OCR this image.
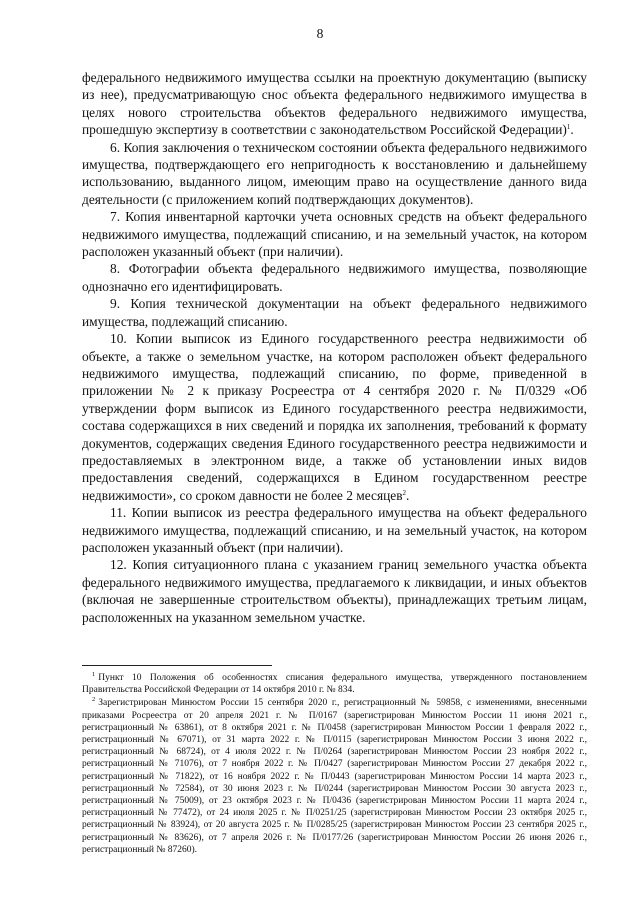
8

федерального недвижимого имущества ссылки на проектную документацию (выписку из нее), предусматривающую снос объекта федерального недвижимого имущества в целях нового строительства объектов федерального недвижимого имущества, прошедшую экспертизу в соответствии с законодательством Российской Федерации)$^1$.

6. Копия заключения о техническом состоянии объекта федерального недвижимого имущества, подтверждающего его непригодность к восстановлению и дальнейшему использованию, выданного лицом, имеющим право на осуществление данного вида деятельности (с приложением копий подтверждающих документов).

7. Копия инвентарной карточки учета основных средств на объект федерального недвижимого имущества, подлежащий списанию, и на земельный участок, на котором расположен указанный объект (при наличии).

8. Фотографии объекта федерального недвижимого имущества, позволяющие однозначно его идентифицировать.

9. Копия технической документации на объект федерального недвижимого имущества, подлежащий списанию.

10. Копии выписок из Единого государственного реестра недвижимости об объекте, а также о земельном участке, на котором расположен объект федерального недвижимого имущества, подлежащий списанию, по форме, приведенной в приложении № 2 к приказу Росреестра от 4 сентября 2020 г. № П/0329 «Об утверждении форм выписок из Единого государственного реестра недвижимости, состава содержащихся в них сведений и порядка их заполнения, требований к формату документов, содержащих сведения Единого государственного реестра недвижимости и предоставляемых в электронном виде, а также об установлении иных видов предоставления сведений, содержащихся в Едином государственном реестре недвижимости», со сроком давности не более 2 месяцев$^2$.

11. Копии выписок из реестра федерального имущества на объект федерального недвижимого имущества, подлежащий списанию, и на земельный участок, на котором расположен указанный объект (при наличии).

12. Копия ситуационного плана с указанием границ земельного участка объекта федерального недвижимого имущества, предлагаемого к ликвидации, и иных объектов (включая не завершенные строительством объекты), принадлежащих третьим лицам, расположенных на указанном земельном участке.

$^1$ Пункт 10 Положения об особенностях списания федерального имущества, утвержденного постановлением Правительства Российской Федерации от 14 октября 2010 г. № 834.

$^2$ Зарегистрирован Минюстом России 15 сентября 2020 г., регистрационный № 59858, с изменениями, внесенными приказами Росреестра от 20 апреля 2021 г. № П/0167 (зарегистрирован Минюстом России 11 июня 2021 г., регистрационный № 63861), от 8 октября 2021 г. № П/0458 (зарегистрирован Минюстом России 1 февраля 2022 г., регистрационный № 67071), от 31 марта 2022 г. № П/0115 (зарегистрирован Минюстом России 3 июня 2022 г., регистрационный № 68724), от 4 июля 2022 г. № П/0264 (зарегистрирован Минюстом России 23 ноября 2022 г., регистрационный № 71076), от 7 ноября 2022 г. № П/0427 (зарегистрирован Минюстом России 27 декабря 2022 г., регистрационный № 71822), от 16 ноября 2022 г. № П/0443 (зарегистрирован Минюстом России 14 марта 2023 г., регистрационный № 72584), от 30 июня 2023 г. № П/0244 (зарегистрирован Минюстом России 30 августа 2023 г., регистрационный № 75009), от 23 октября 2023 г. № П/0436 (зарегистрирован Минюстом России 11 марта 2024 г., регистрационный № 77472), от 24 июля 2025 г. № П/0251/25 (зарегистрирован Минюстом России 23 октября 2025 г., регистрационный № 83924), от 20 августа 2025 г. № П/0285/25 (зарегистрирован Минюстом России 23 сентября 2025 г., регистрационный № 83626), от 7 апреля 2026 г. № П/0177/26 (зарегистрирован Минюстом России 26 июня 2026 г., регистрационный № 87260).
